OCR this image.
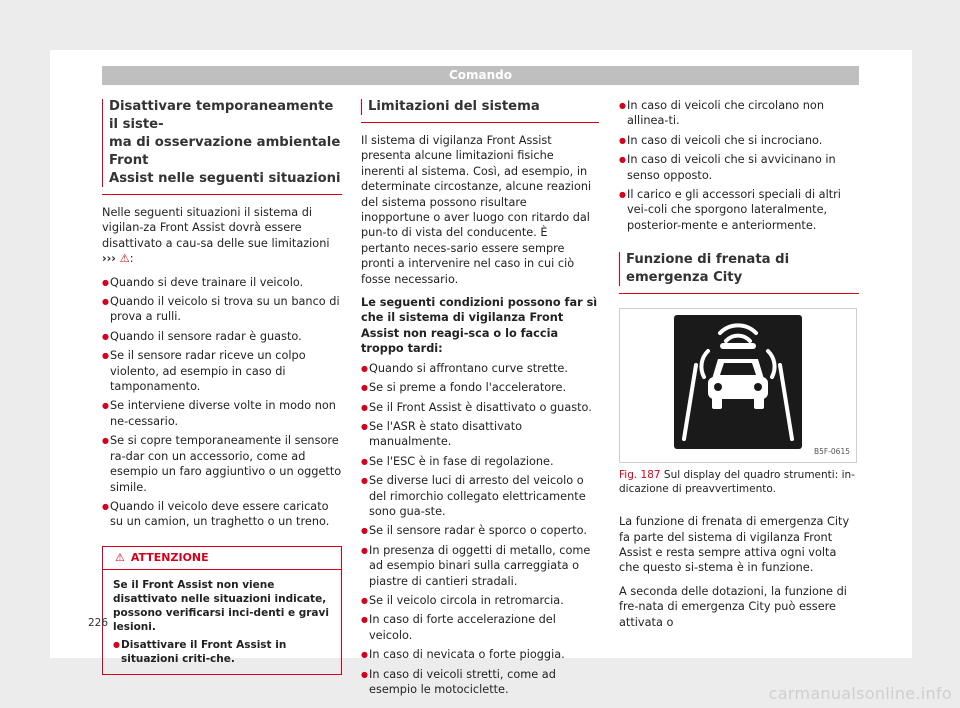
Comando
Disattivare temporaneamente il siste-
ma di osservazione ambientale Front
Assist nelle seguenti situazioni

Nelle seguenti situazioni il sistema di vigilan-za Front Assist dovrà essere disattivato a cau-sa delle sue limitazioni ››› ⚠:

● Quando si deve trainare il veicolo.
● Quando il veicolo si trova su un banco di prova a rulli.
● Quando il sensore radar è guasto.
● Se il sensore radar riceve un colpo violento, ad esempio in caso di tamponamento.
● Se interviene diverse volte in modo non ne-cessario.
● Se si copre temporaneamente il sensore ra-dar con un accessorio, come ad esempio un faro aggiuntivo o un oggetto simile.
● Quando il veicolo deve essere caricato su un camion, un traghetto o un treno.
⚠ ATTENZIONE

Se il Front Assist non viene disattivato nelle situazioni indicate, possono verificarsi inci-denti e gravi lesioni.

● Disattivare il Front Assist in situazioni criti-che.
Limitazioni del sistema

Il sistema di vigilanza Front Assist presenta alcune limitazioni fisiche inerenti al sistema. Così, ad esempio, in determinate circostanze, alcune reazioni del sistema possono risultare inopportune o aver luogo con ritardo dal pun-to di vista del conducente. È pertanto neces-sario essere sempre pronti a intervenire nel caso in cui ciò fosse necessario.

Le seguenti condizioni possono far sì che il sistema di vigilanza Front Assist non reagi-sca o lo faccia troppo tardi:

● Quando si affrontano curve strette.
● Se si preme a fondo l'acceleratore.
● Se il Front Assist è disattivato o guasto.
● Se l'ASR è stato disattivato manualmente.
● Se l'ESC è in fase di regolazione.
● Se diverse luci di arresto del veicolo o del rimorchio collegato elettricamente sono gua-ste.
● Se il sensore radar è sporco o coperto.
● In presenza di oggetti di metallo, come ad esempio binari sulla carreggiata o piastre di cantieri stradali.
● Se il veicolo circola in retromarcia.
● In caso di forte accelerazione del veicolo.
● In caso di nevicata o forte pioggia.
● In caso di veicoli stretti, come ad esempio le motociclette.
● In caso di veicoli che circolano non allinea-ti.
● In caso di veicoli che si incrociano.
● In caso di veicoli che si avvicinano in senso opposto.
● Il carico e gli accessori speciali di altri vei-coli che sporgono lateralmente, posterior-mente e anteriormente.
Funzione di frenata di emergenza City
B5F-0615
Fig. 187 Sul display del quadro strumenti: in-dicazione di preavvertimento.

La funzione di frenata di emergenza City fa parte del sistema di vigilanza Front Assist e resta sempre attiva ogni volta che questo si-stema è in funzione.

A seconda delle dotazioni, la funzione di fre-nata di emergenza City può essere attivata o

226
carmanualsonline.info
